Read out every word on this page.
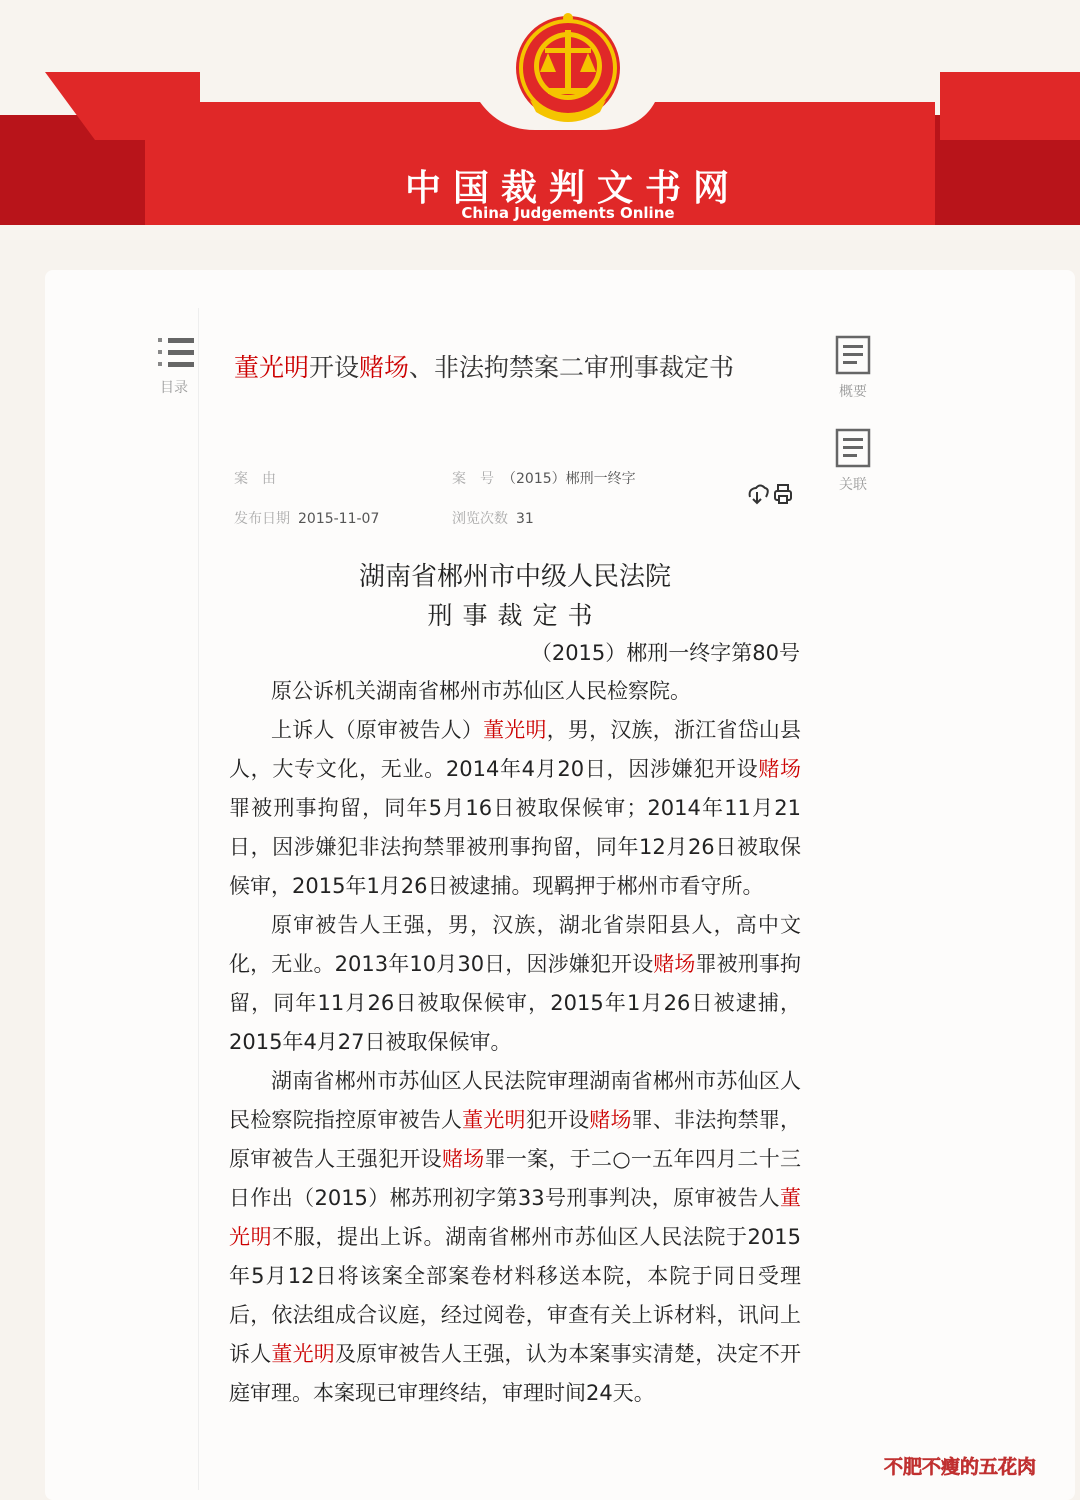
中国裁判文书网
China Judgements Online
目录	概要
关联
董光明开设赌场、非法拘禁案二审刑事裁定书
案　由	案　号 （2015）郴刑一终字
发布日期 2015-11-07	浏览次数 31
湖南省郴州市中级人民法院
刑事裁定书
（2015）郴刑一终字第80号

原公诉机关湖南省郴州市苏仙区人民检察院。

上诉人（原审被告人）董光明，男，汉族，浙江省岱山县人，大专文化，无业。2014年4月20日，因涉嫌犯开设赌场罪被刑事拘留，同年5月16日被取保候审；2014年11月21日，因涉嫌犯非法拘禁罪被刑事拘留，同年12月26日被取保候审，2015年1月26日被逮捕。现羁押于郴州市看守所。

原审被告人王强，男，汉族，湖北省崇阳县人，高中文化，无业。2013年10月30日，因涉嫌犯开设赌场罪被刑事拘留，同年11月26日被取保候审，2015年1月26日被逮捕，2015年4月27日被取保候审。

湖南省郴州市苏仙区人民法院审理湖南省郴州市苏仙区人民检察院指控原审被告人董光明犯开设赌场罪、非法拘禁罪，原审被告人王强犯开设赌场罪一案，于二○一五年四月二十三日作出（2015）郴苏刑初字第33号刑事判决，原审被告人董光明不服，提出上诉。湖南省郴州市苏仙区人民法院于2015年5月12日将该案全部案卷材料移送本院，本院于同日受理后，依法组成合议庭，经过阅卷，审查有关上诉材料，讯问上诉人董光明及原审被告人王强，认为本案事实清楚，决定不开庭审理。本案现已审理终结，审理时间24天。

不肥不瘦的五花肉
